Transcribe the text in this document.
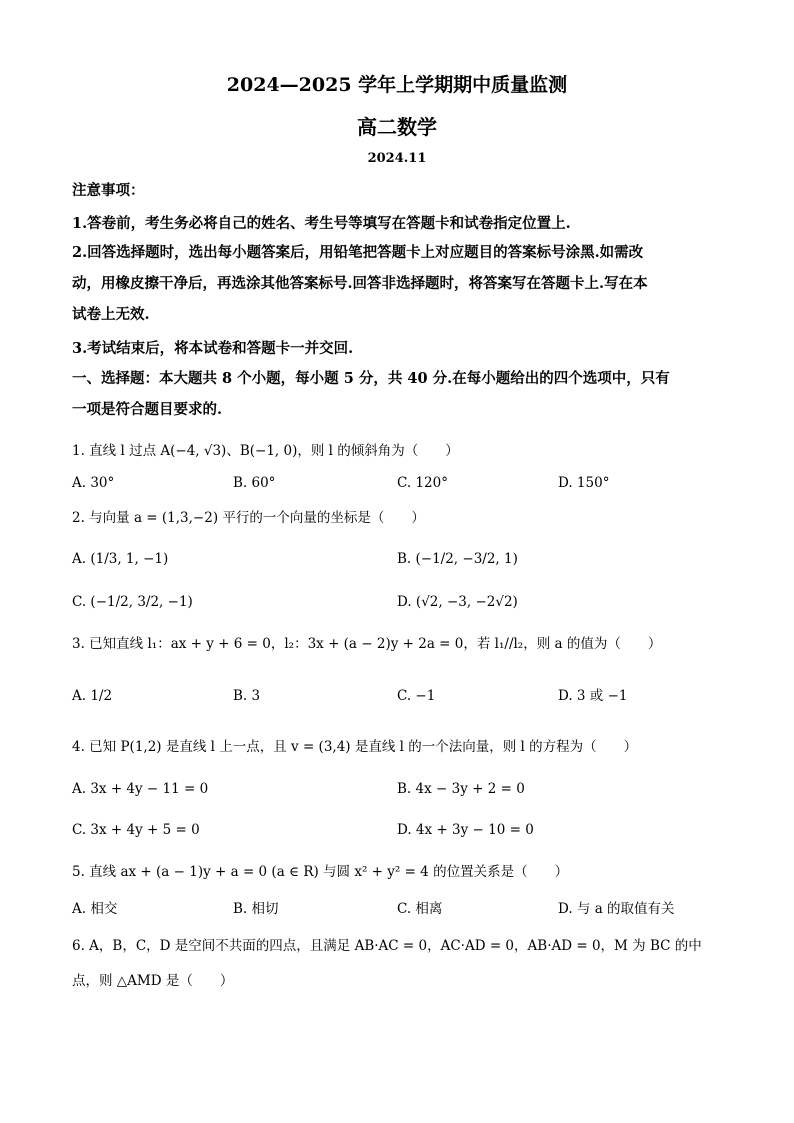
2024—2025 学年上学期期中质量监测
高二数学
2024.11
注意事项：
1.答卷前，考生务必将自己的姓名、考生号等填写在答题卡和试卷指定位置上.
2.回答选择题时，选出每小题答案后，用铅笔把答题卡上对应题目的答案标号涂黑.如需改
动，用橡皮擦干净后，再选涂其他答案标号.回答非选择题时，将答案写在答题卡上.写在本
试卷上无效.
3.考试结束后，将本试卷和答题卡一并交回.
一、选择题：本大题共 8 个小题，每小题 5 分，共 40 分.在每小题给出的四个选项中，只有
一项是符合题目要求的.
1. 直线 l 过点 A(−4, √3)、B(−1, 0)，则 l 的倾斜角为（　　）
A. 30°	B. 60°	C. 120°	D. 150°
2. 与向量 a = (1,3,−2) 平行的一个向量的坐标是（　　）
A. (1/3, 1, −1)	B. (−1/2, −3/2, 1)
C. (−1/2, 3/2, −1)	D. (√2, −3, −2√2)
3. 已知直线 l₁：ax + y + 6 = 0，l₂：3x + (a − 2)y + 2a = 0，若 l₁//l₂，则 a 的值为（　　）
A. 1/2	B. 3	C. −1	D. 3 或 −1
4. 已知 P(1,2) 是直线 l 上一点，且 v = (3,4) 是直线 l 的一个法向量，则 l 的方程为（　　）
A. 3x + 4y − 11 = 0	B. 4x − 3y + 2 = 0
C. 3x + 4y + 5 = 0	D. 4x + 3y − 10 = 0
5. 直线 ax + (a − 1)y + a = 0 (a ∈ R) 与圆 x² + y² = 4 的位置关系是（　　）
A. 相交	B. 相切	C. 相离	D. 与 a 的取值有关
6. A，B，C，D 是空间不共面的四点，且满足 AB·AC = 0，AC·AD = 0，AB·AD = 0，M 为 BC 的中
点，则 △AMD 是（　　）
